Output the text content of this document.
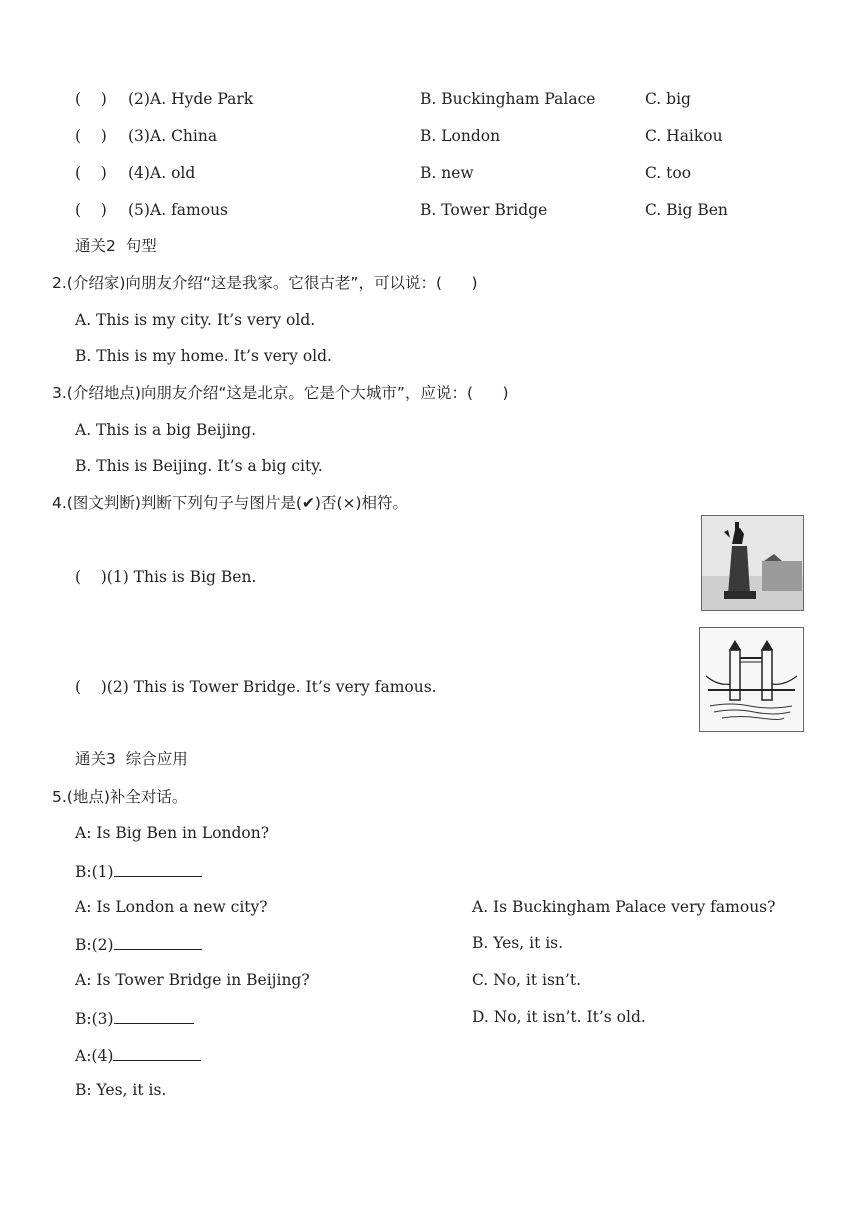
(    ) (2) A. Hyde Park	B. Buckingham Palace	C. big
(    ) (3) A. China	B. London	C. Haikou
(    ) (4) A. old	B. new	C. too
(    ) (5) A. famous	B. Tower Bridge	C. Big Ben
通关2  句型
2.(介绍家)向朋友介绍“这是我家。它很古老”，可以说：(      )
A. This is my city. It’s very old.
B. This is my home. It’s very old.
3.(介绍地点)向朋友介绍“这是北京。它是个大城市”，应说：(      )
A. This is a big Beijing.
B. This is Beijing. It’s a big city.
4.(图文判断)判断下列句子与图片是(✔)否(×)相符。
(    )(1) This is Big Ben.
(    )(2) This is Tower Bridge. It’s very famous.
通关3  综合应用
5.(地点)补全对话。
A: Is Big Ben in London?
B:(1)
A: Is London a new city?
B:(2)
A: Is Tower Bridge in Beijing?
B:(3)
A:(4)
B: Yes, it is.
A. Is Buckingham Palace very famous?
B. Yes, it is.
C. No, it isn’t.
D. No, it isn’t. It’s old.
